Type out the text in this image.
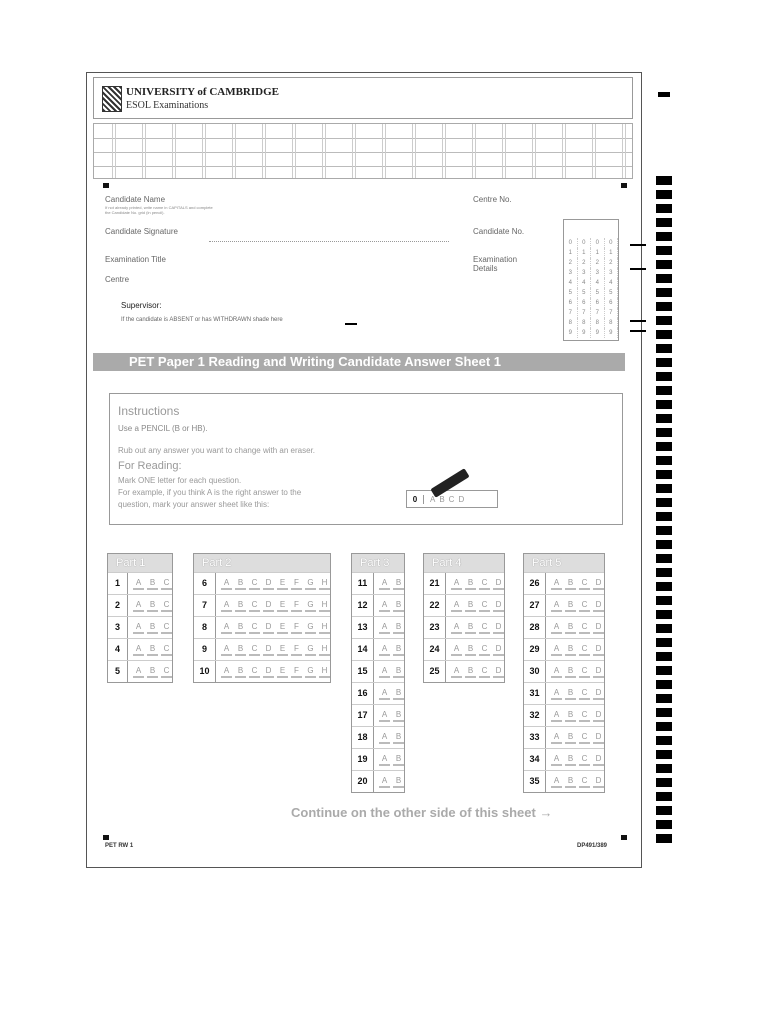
UNIVERSITY of CAMBRIDGE
ESOL Examinations
Candidate Name
If not already printed, write name in CAPITALS and complete the Candidate No. grid (in pencil).
Candidate Signature
Examination Title
Centre
Centre No.
Candidate No.
Examination Details
Supervisor:
If the candidate is ABSENT or has WITHDRAWN shade here
0	0	0	0
1	1	1	1
2	2	2	2
3	3	3	3
4	4	4	4
5	5	5	5
6	6	6	6
7	7	7	7
8	8	8	8
9	9	9	9
PET Paper 1 Reading and Writing Candidate Answer Sheet 1
Instructions
Use a PENCIL (B or HB).
Rub out any answer you want to change with an eraser.
For Reading:
Mark ONE letter for each question.
For example, if you think A is the right answer to the
question, mark your answer sheet like this:
0	ABCD
Part 1
1	A	B	C
2	A	B	C
3	A	B	C
4	A	B	C
5	A	B	C
Part 2
6	A	B	C	D	E	F	G	H
7	A	B	C	D	E	F	G	H
8	A	B	C	D	E	F	G	H
9	A	B	C	D	E	F	G	H
10	A	B	C	D	E	F	G	H
Part 3
11	A	B
12	A	B
13	A	B
14	A	B
15	A	B
16	A	B
17	A	B
18	A	B
19	A	B
20	A	B
Part 4
21	A	B	C	D
22	A	B	C	D
23	A	B	C	D
24	A	B	C	D
25	A	B	C	D
Part 5
26	A	B	C	D
27	A	B	C	D
28	A	B	C	D
29	A	B	C	D
30	A	B	C	D
31	A	B	C	D
32	A	B	C	D
33	A	B	C	D
34	A	B	C	D
35	A	B	C	D
Continue on the other side of this sheet →
PET RW 1	DP491/389
